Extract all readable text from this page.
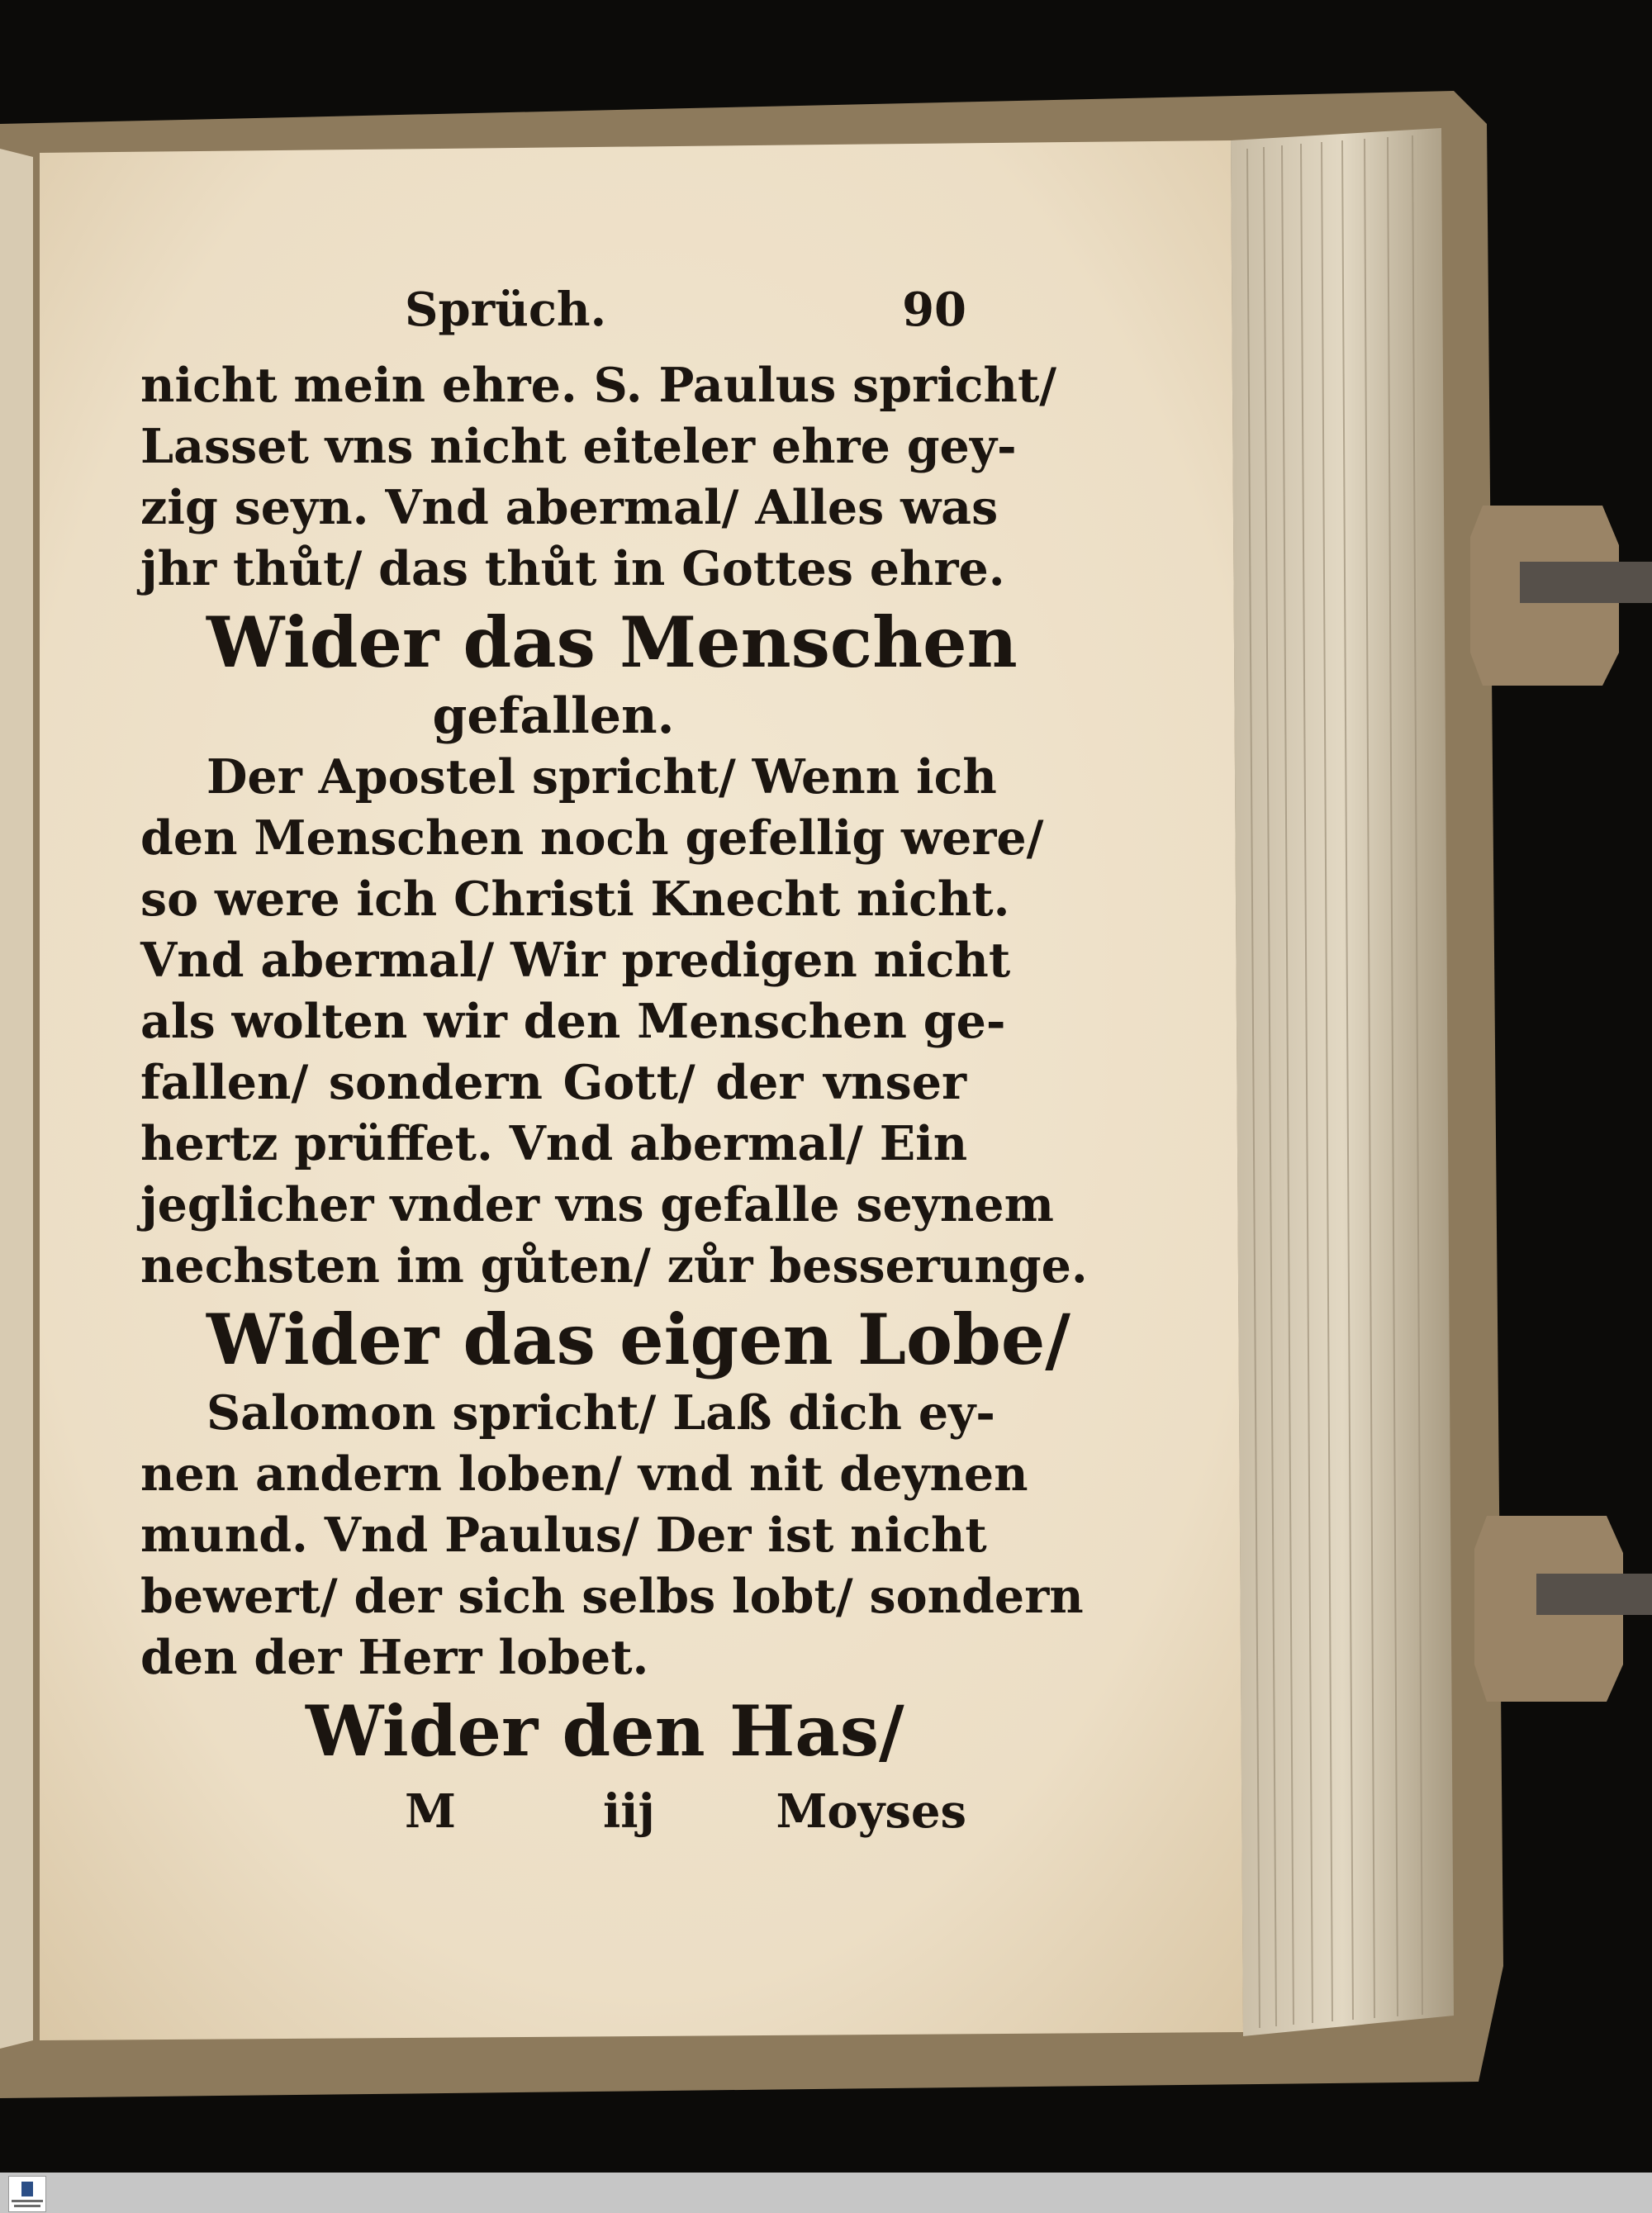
Sprüch.	90
nicht mein ehre. S. Paulus spricht/
Lasset vns nicht eiteler ehre gey-
zig seyn. Vnd abermal/ Alles was
jhr thůt/ das thůt in Gottes ehre.
Wider das Menschen
gefallen.
Der Apostel spricht/ Wenn ich
den Menschen noch gefellig were/
so were ich Christi Knecht nicht.
Vnd abermal/ Wir predigen nicht
als wolten wir den Menschen ge-
fallen/ sondern Gott/ der vnser
hertz prüffet. Vnd abermal/ Ein
jeglicher vnder vns gefalle seynem
nechsten im gůten/ zůr besserunge.
Wider das eigen Lobe/
Salomon spricht/ Laß dich ey-
nen andern loben/ vnd nit deynen
mund. Vnd Paulus/ Der ist nicht
bewert/ der sich selbs lobt/ sondern
den der Herr lobet.
Wider den Has/
M	iij	Moyses
